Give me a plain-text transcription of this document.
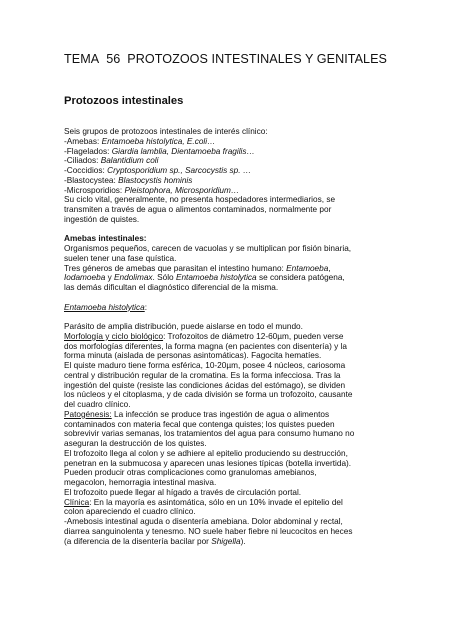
TEMA 56 PROTOZOOS INTESTINALES Y GENITALES
Protozoos intestinales

Seis grupos de protozoos intestinales de interés clínico:

-Amebas: Entamoeba histolytica, E.coli…

-Flagelados: Giardia lamblia, Dientamoeba fragilis…

-Ciliados: Balantidium coli

-Coccidios: Cryptosporidium sp., Sarcocystis sp. …

-Blastocystea: Blastocystis hominis

-Microsporidios: Pleistophora, Microsporidium…

Su ciclo vital, generalmente, no presenta hospedadores intermediarios, se

transmiten a través de agua o alimentos contaminados, normalmente por

ingestión de quistes.

Amebas intestinales:

Organismos pequeños, carecen de vacuolas y se multiplican por fisión binaria,

suelen tener una fase quística.

Tres géneros de amebas que parasitan el intestino humano: Entamoeba,

Iodamoeba y Endolimax. Sólo Entamoeba histolytica se considera patógena,

las demás dificultan el diagnóstico diferencial de la misma.

Entamoeba histolytica:

Parásito de amplia distribución, puede aislarse en todo el mundo.

Morfología y ciclo biológico: Trofozoitos de diámetro 12-60µm, pueden verse

dos morfologías diferentes, la forma magna (en pacientes con disentería) y la

forma minuta (aislada de personas asintomáticas). Fagocita hematíes.

El quiste maduro tiene forma esférica, 10-20µm, posee 4 núcleos, cariosoma

central y distribución regular de la cromatina. Es la forma infecciosa. Tras la

ingestión del quiste (resiste las condiciones ácidas del estómago), se dividen

los núcleos y el citoplasma, y de cada división se forma un trofozoito, causante

del cuadro clínico.

Patogénesis: La infección se produce tras ingestión de agua o alimentos

contaminados con materia fecal que contenga quistes; los quistes pueden

sobrevivir varias semanas, los tratamientos del agua para consumo humano no

aseguran la destrucción de los quistes.

El trofozoito llega al colon y se adhiere al epitelio produciendo su destrucción,

penetran en la submucosa y aparecen unas lesiones típicas (botella invertida).

Pueden producir otras complicaciones como granulomas amebianos,

megacolon, hemorragia intestinal masiva.

El trofozoito puede llegar al hígado a través de circulación portal.

Clínica: En la mayoría es asintomática, sólo en un 10% invade el epitelio del

colon apareciendo el cuadro clínico.

-Amebosis intestinal aguda o disentería amebiana. Dolor abdominal y rectal,

diarrea sanguinolenta y tenesmo. NO suele haber fiebre ni leucocitos en heces

(a diferencia de la disentería bacilar por Shigella).
